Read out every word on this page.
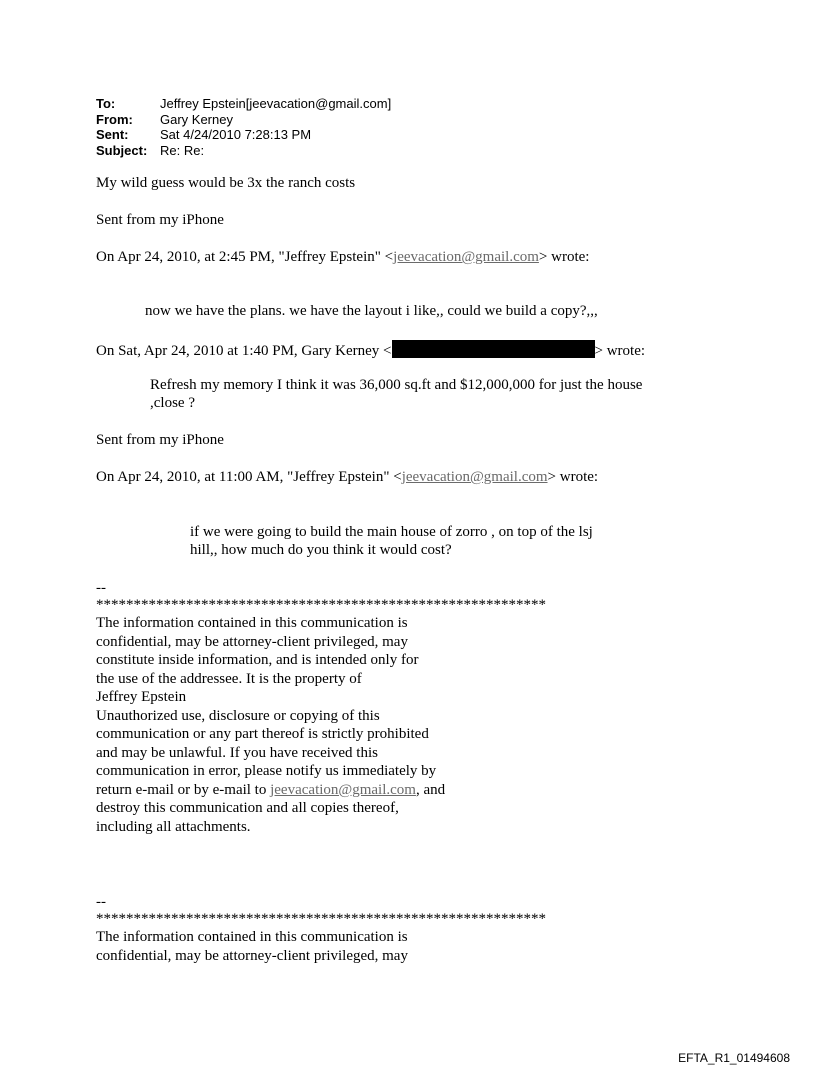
To:	Jeffrey Epstein[jeevacation@gmail.com]
From:	Gary Kerney
Sent:	Sat 4/24/2010 7:28:13 PM
Subject: Re: Re:
My wild guess would be 3x the ranch costs
Sent from my iPhone
On Apr 24, 2010, at 2:45 PM, "Jeffrey Epstein" <jeevacation@gmail.com> wrote:
now we have the plans. we have the layout i like,, could we build a copy?,,,
On Sat, Apr 24, 2010 at 1:40 PM, Gary Kerney <	> wrote:
Refresh my memory I think it was 36,000 sq.ft and $12,000,000 for just the house
,close ?
Sent from my iPhone
On Apr 24, 2010, at 11:00 AM, "Jeffrey Epstein" <jeevacation@gmail.com> wrote:
if we were going to build the main house of zorro , on top of the lsj
hill,, how much do you think it would cost?
--
************************************************************
The information contained in this communication is
confidential, may be attorney-client privileged, may
constitute inside information, and is intended only for
the use of the addressee. It is the property of
Jeffrey Epstein
Unauthorized use, disclosure or copying of this
communication or any part thereof is strictly prohibited
and may be unlawful. If you have received this
communication in error, please notify us immediately by
return e-mail or by e-mail to jeevacation@gmail.com, and
destroy this communication and all copies thereof,
including all attachments.
--
************************************************************
The information contained in this communication is
confidential, may be attorney-client privileged, may
EFTA_R1_01494608
